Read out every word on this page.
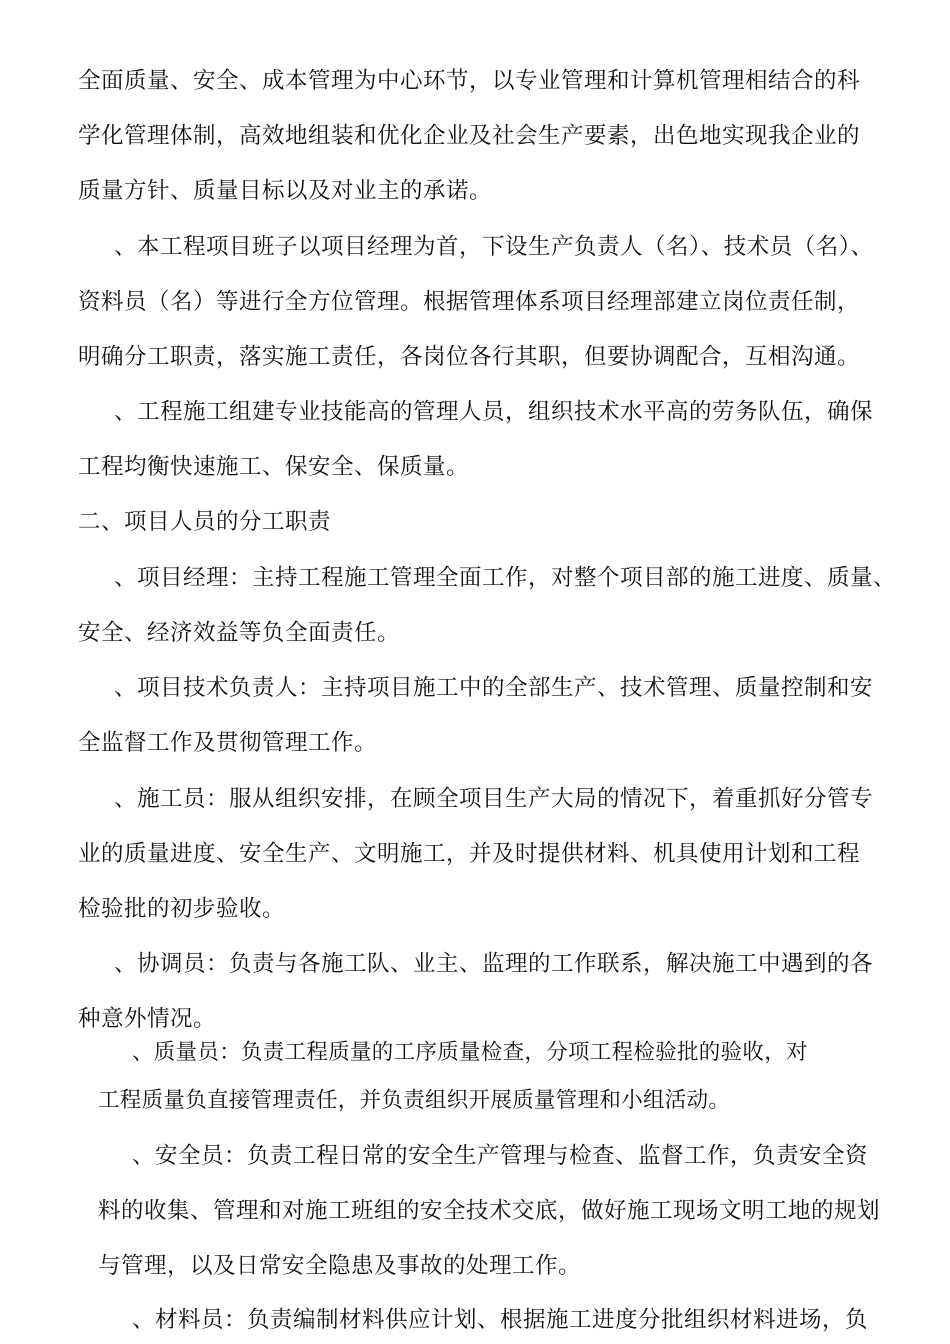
全面质量、安全、成本管理为中心环节，以专业管理和计算机管理相结合的科
学化管理体制，高效地组装和优化企业及社会生产要素，出色地实现我企业的
质量方针、质量目标以及对业主的承诺。
、本工程项目班子以项目经理为首，下设生产负责人（名）、技术员（名）、
资料员（名）等进行全方位管理。根据管理体系项目经理部建立岗位责任制，
明确分工职责，落实施工责任，各岗位各行其职，但要协调配合，互相沟通。
、工程施工组建专业技能高的管理人员，组织技术水平高的劳务队伍，确保
工程均衡快速施工、保安全、保质量。
二、项目人员的分工职责
、项目经理：主持工程施工管理全面工作，对整个项目部的施工进度、质量、
安全、经济效益等负全面责任。
、项目技术负责人：主持项目施工中的全部生产、技术管理、质量控制和安
全监督工作及贯彻管理工作。
、施工员：服从组织安排，在顾全项目生产大局的情况下，着重抓好分管专
业的质量进度、安全生产、文明施工，并及时提供材料、机具使用计划和工程
检验批的初步验收。
、协调员：负责与各施工队、业主、监理的工作联系，解决施工中遇到的各
种意外情况。
、质量员：负责工程质量的工序质量检查，分项工程检验批的验收，对
工程质量负直接管理责任，并负责组织开展质量管理和小组活动。
、安全员：负责工程日常的安全生产管理与检查、监督工作，负责安全资
料的收集、管理和对施工班组的安全技术交底，做好施工现场文明工地的规划
与管理，以及日常安全隐患及事故的处理工作。
、材料员：负责编制材料供应计划、根据施工进度分批组织材料进场，负
